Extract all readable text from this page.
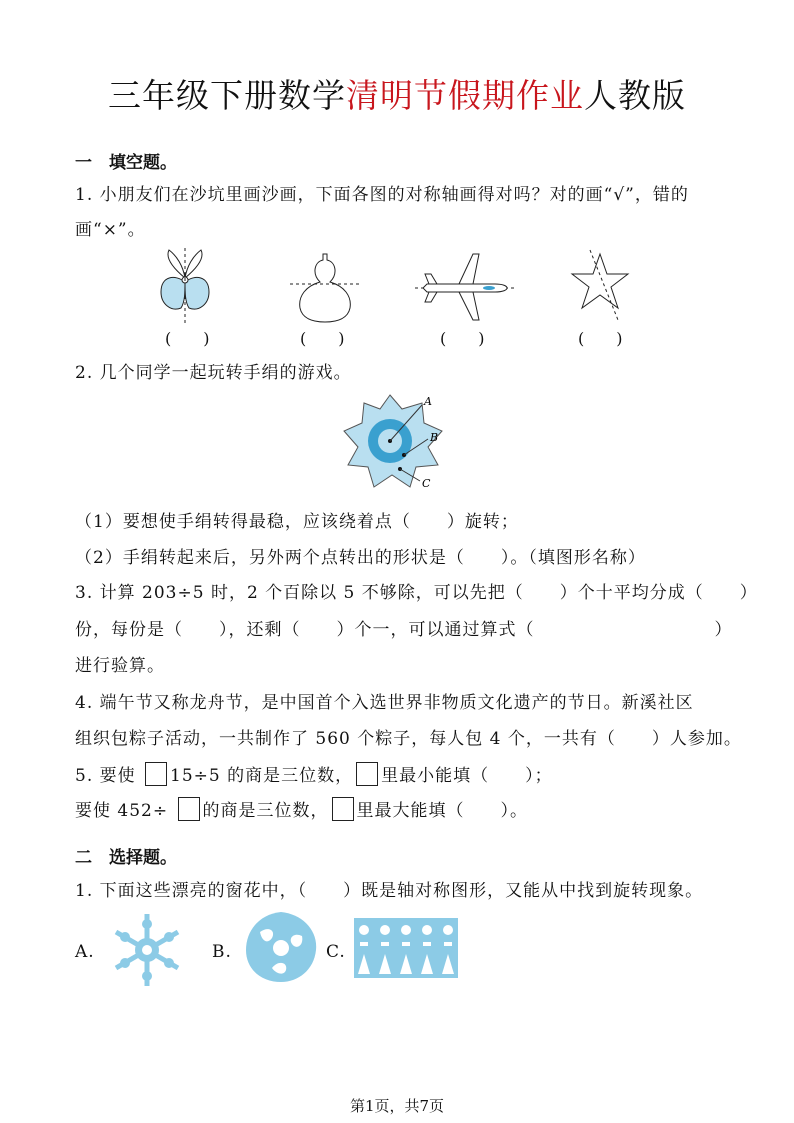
三年级下册数学清明节假期作业人教版
一　填空题。
1. 小朋友们在沙坑里画沙画，下面各图的对称轴画得对吗？对的画“√”，错的
画“×”。
(　　)	(　　)	(　　)	(　　)
2. 几个同学一起玩转手绢的游戏。
A
B
C
（1）要想使手绢转得最稳，应该绕着点（　　）旋转；
（2）手绢转起来后，另外两个点转出的形状是（　　）。（填图形名称）
3. 计算 203÷5 时，2 个百除以 5 不够除，可以先把（　　）个十平均分成（　　）
份，每份是（　　），还剩（　　）个一，可以通过算式（　　　　　　　　　　）
进行验算。
4. 端午节又称龙舟节，是中国首个入选世界非物质文化遗产的节日。新溪社区
组织包粽子活动，一共制作了 560 个粽子，每人包 4 个，一共有（　　）人参加。
5. 要使 15÷5 的商是三位数， 里最小能填（　　）；
要使 452÷ 的商是三位数， 里最大能填（　　）。
二　选择题。
1. 下面这些漂亮的窗花中，（　　）既是轴对称图形，又能从中找到旋转现象。
A.	B.	C.
第1页，共7页
